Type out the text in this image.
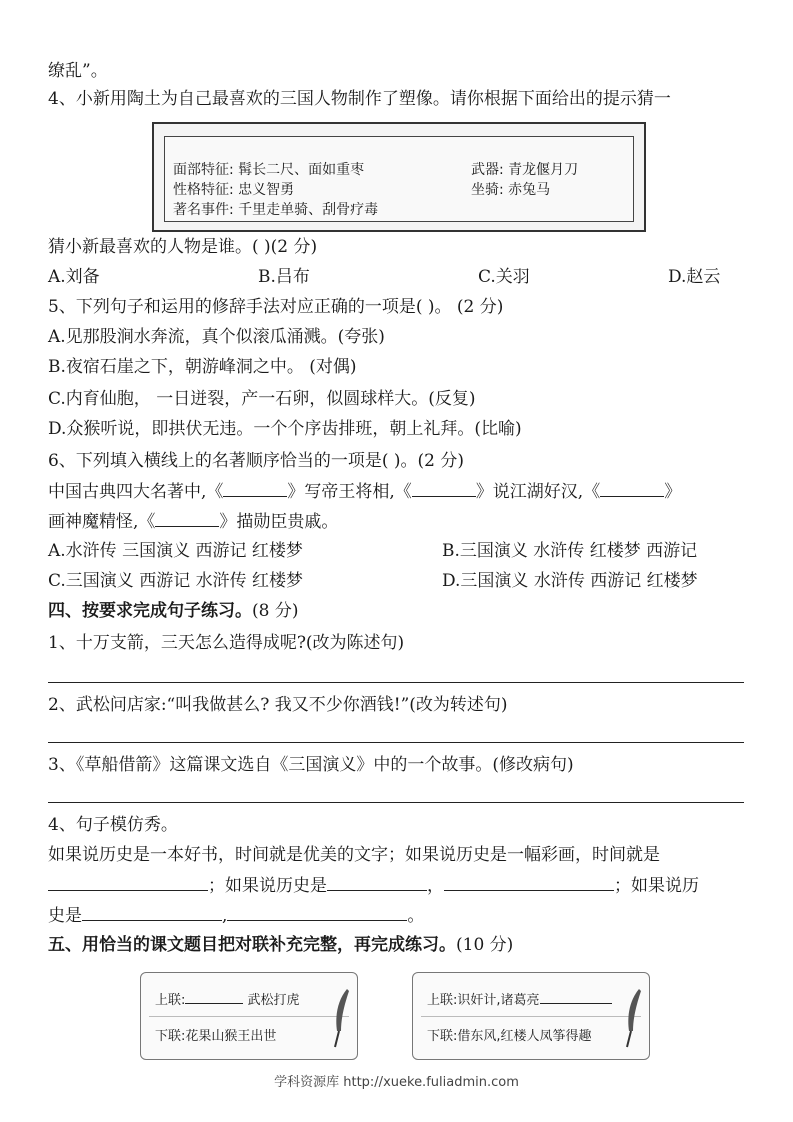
缭乱”。
4、小新用陶土为自己最喜欢的三国人物制作了塑像。请你根据下面给出的提示猜一
面部特征: 髯长二尺、面如重枣	武器: 青龙偃月刀
性格特征: 忠义智勇	坐骑: 赤兔马
著名事件: 千里走单骑、刮骨疗毒
猜小新最喜欢的人物是谁。( )(2 分)
A.刘备	B.吕布	C.关羽	D.赵云
5、下列句子和运用的修辞手法对应正确的一项是( )。 (2 分)
A.见那股涧水奔流，真个似滚瓜涌溅。(夸张)
B.夜宿石崖之下，朝游峰洞之中。 (对偶)
C.内育仙胞， 一日迸裂，产一石卵，似圆球样大。(反复)
D.众猴听说，即拱伏无违。一个个序齿排班，朝上礼拜。(比喻)
6、下列填入横线上的名著顺序恰当的一项是( )。(2 分)
中国古典四大名著中,《	》写帝王将相,《	》说江湖好汉,《	》
画神魔精怪,《	》描勋臣贵戚。
A.水浒传 三国演义 西游记 红楼梦	B.三国演义 水浒传 红楼梦 西游记
C.三国演义 西游记 水浒传 红楼梦	D.三国演义 水浒传 西游记 红楼梦
四、按要求完成句子练习。(8 分)
1、十万支箭，三天怎么造得成呢?(改为陈述句)
2、武松问店家:“叫我做甚么? 我又不少你酒钱!”(改为转述句)
3、《草船借箭》这篇课文选自《三国演义》中的一个故事。(修改病句)
4、句子模仿秀。
如果说历史是一本好书，时间就是优美的文字；如果说历史是一幅彩画，时间就是
；如果说历史是	，	；如果说历
史是	,	。
五、用恰当的课文题目把对联补充完整，再完成练习。(10 分)
上联:	武松打虎
下联:花果山猴王出世
上联:识奸计,诸葛亮
下联:借东风,红楼人凤筝得趣
学科资源库 http://xueke.fuliadmin.com
